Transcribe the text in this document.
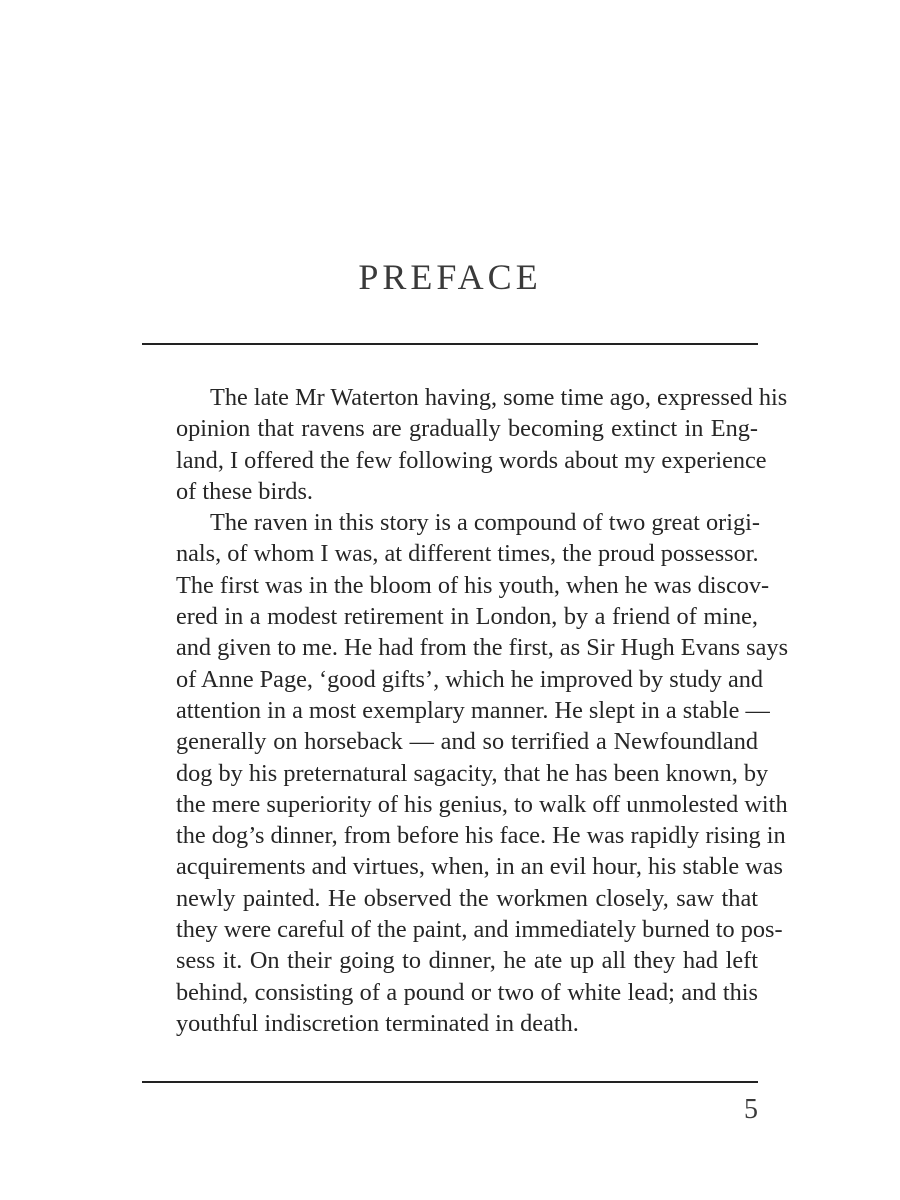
PREFACE
The late Mr Waterton having, some time ago, expressed his
opinion that ravens are gradually becoming extinct in Eng-
land, I offered the few following words about my experience
of these birds.
The raven in this story is a compound of two great origi-
nals, of whom I was, at different times, the proud possessor.
The first was in the bloom of his youth, when he was discov-
ered in a modest retirement in London, by a friend of mine,
and given to me. He had from the first, as Sir Hugh Evans says
of Anne Page, ‘good gifts’, which he improved by study and
attention in a most exemplary manner. He slept in a stable —
generally on horseback — and so terrified a Newfoundland
dog by his preternatural sagacity, that he has been known, by
the mere superiority of his genius, to walk off unmolested with
the dog’s dinner, from before his face. He was rapidly rising in
acquirements and virtues, when, in an evil hour, his stable was
newly painted. He observed the workmen closely, saw that
they were careful of the paint, and immediately burned to pos-
sess it. On their going to dinner, he ate up all they had left
behind, consisting of a pound or two of white lead; and this
youthful indiscretion terminated in death.
5
